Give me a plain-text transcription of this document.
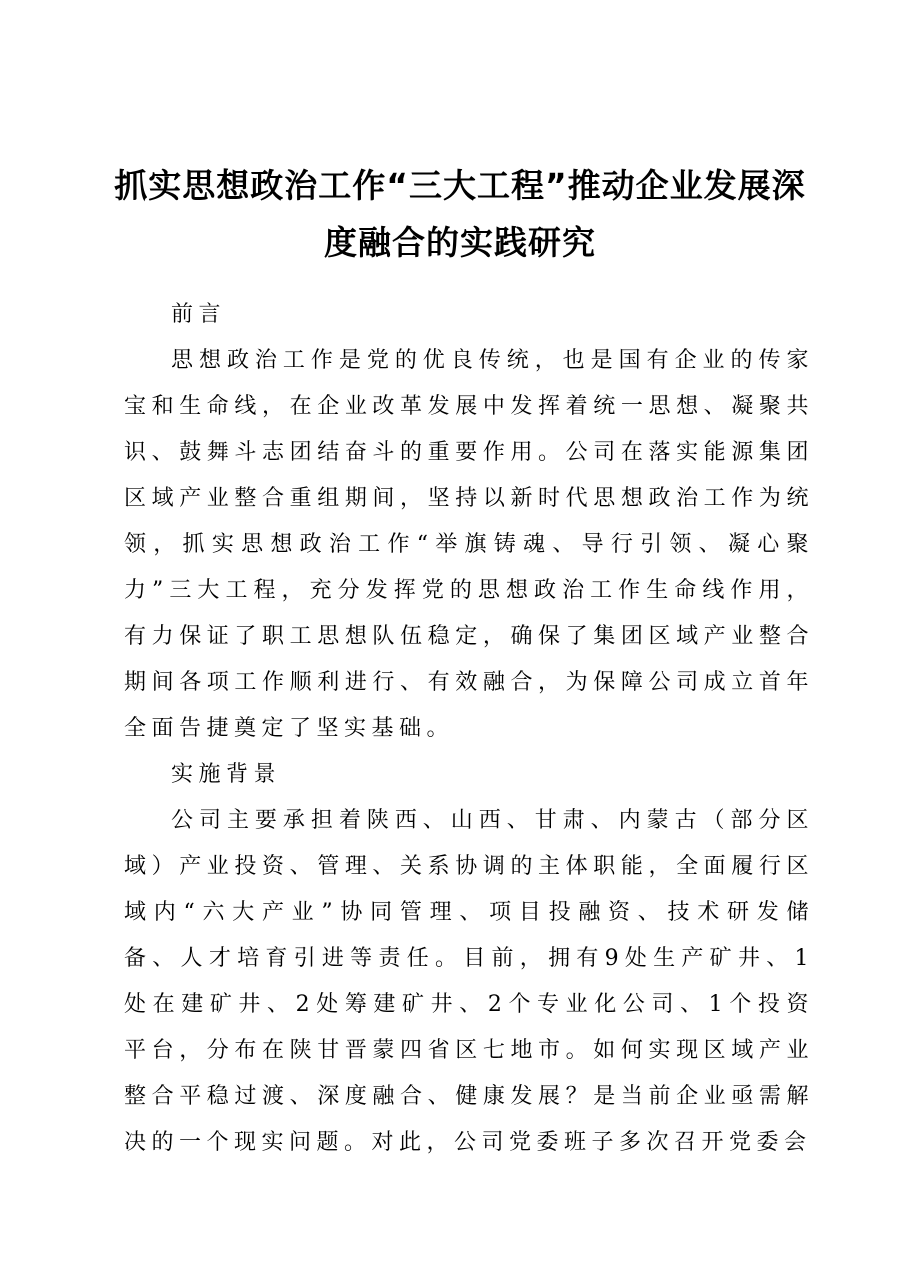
抓实思想政治工作“三大工程”推动企业发展深度融合的实践研究

前言

思想政治工作是党的优良传统，也是国有企业的传家宝和生命线，在企业改革发展中发挥着统一思想、凝聚共识、鼓舞斗志团结奋斗的重要作用。公司在落实能源集团区域产业整合重组期间，坚持以新时代思想政治工作为统领，抓实思想政治工作“举旗铸魂、导行引领、凝心聚力”三大工程，充分发挥党的思想政治工作生命线作用，有力保证了职工思想队伍稳定，确保了集团区域产业整合期间各项工作顺利进行、有效融合，为保障公司成立首年全面告捷奠定了坚实基础。

实施背景

公司主要承担着陕西、山西、甘肃、内蒙古（部分区域）产业投资、管理、关系协调的主体职能，全面履行区域内“六大产业”协同管理、项目投融资、技术研发储备、人才培育引进等责任。目前，拥有9处生产矿井、1处在建矿井、2处筹建矿井、2个专业化公司、1个投资平台，分布在陕甘晋蒙四省区七地市。如何实现区域产业整合平稳过渡、深度融合、健康发展？是当前企业亟需解决的一个现实问题。对此，公司党委班子多次召开党委会
